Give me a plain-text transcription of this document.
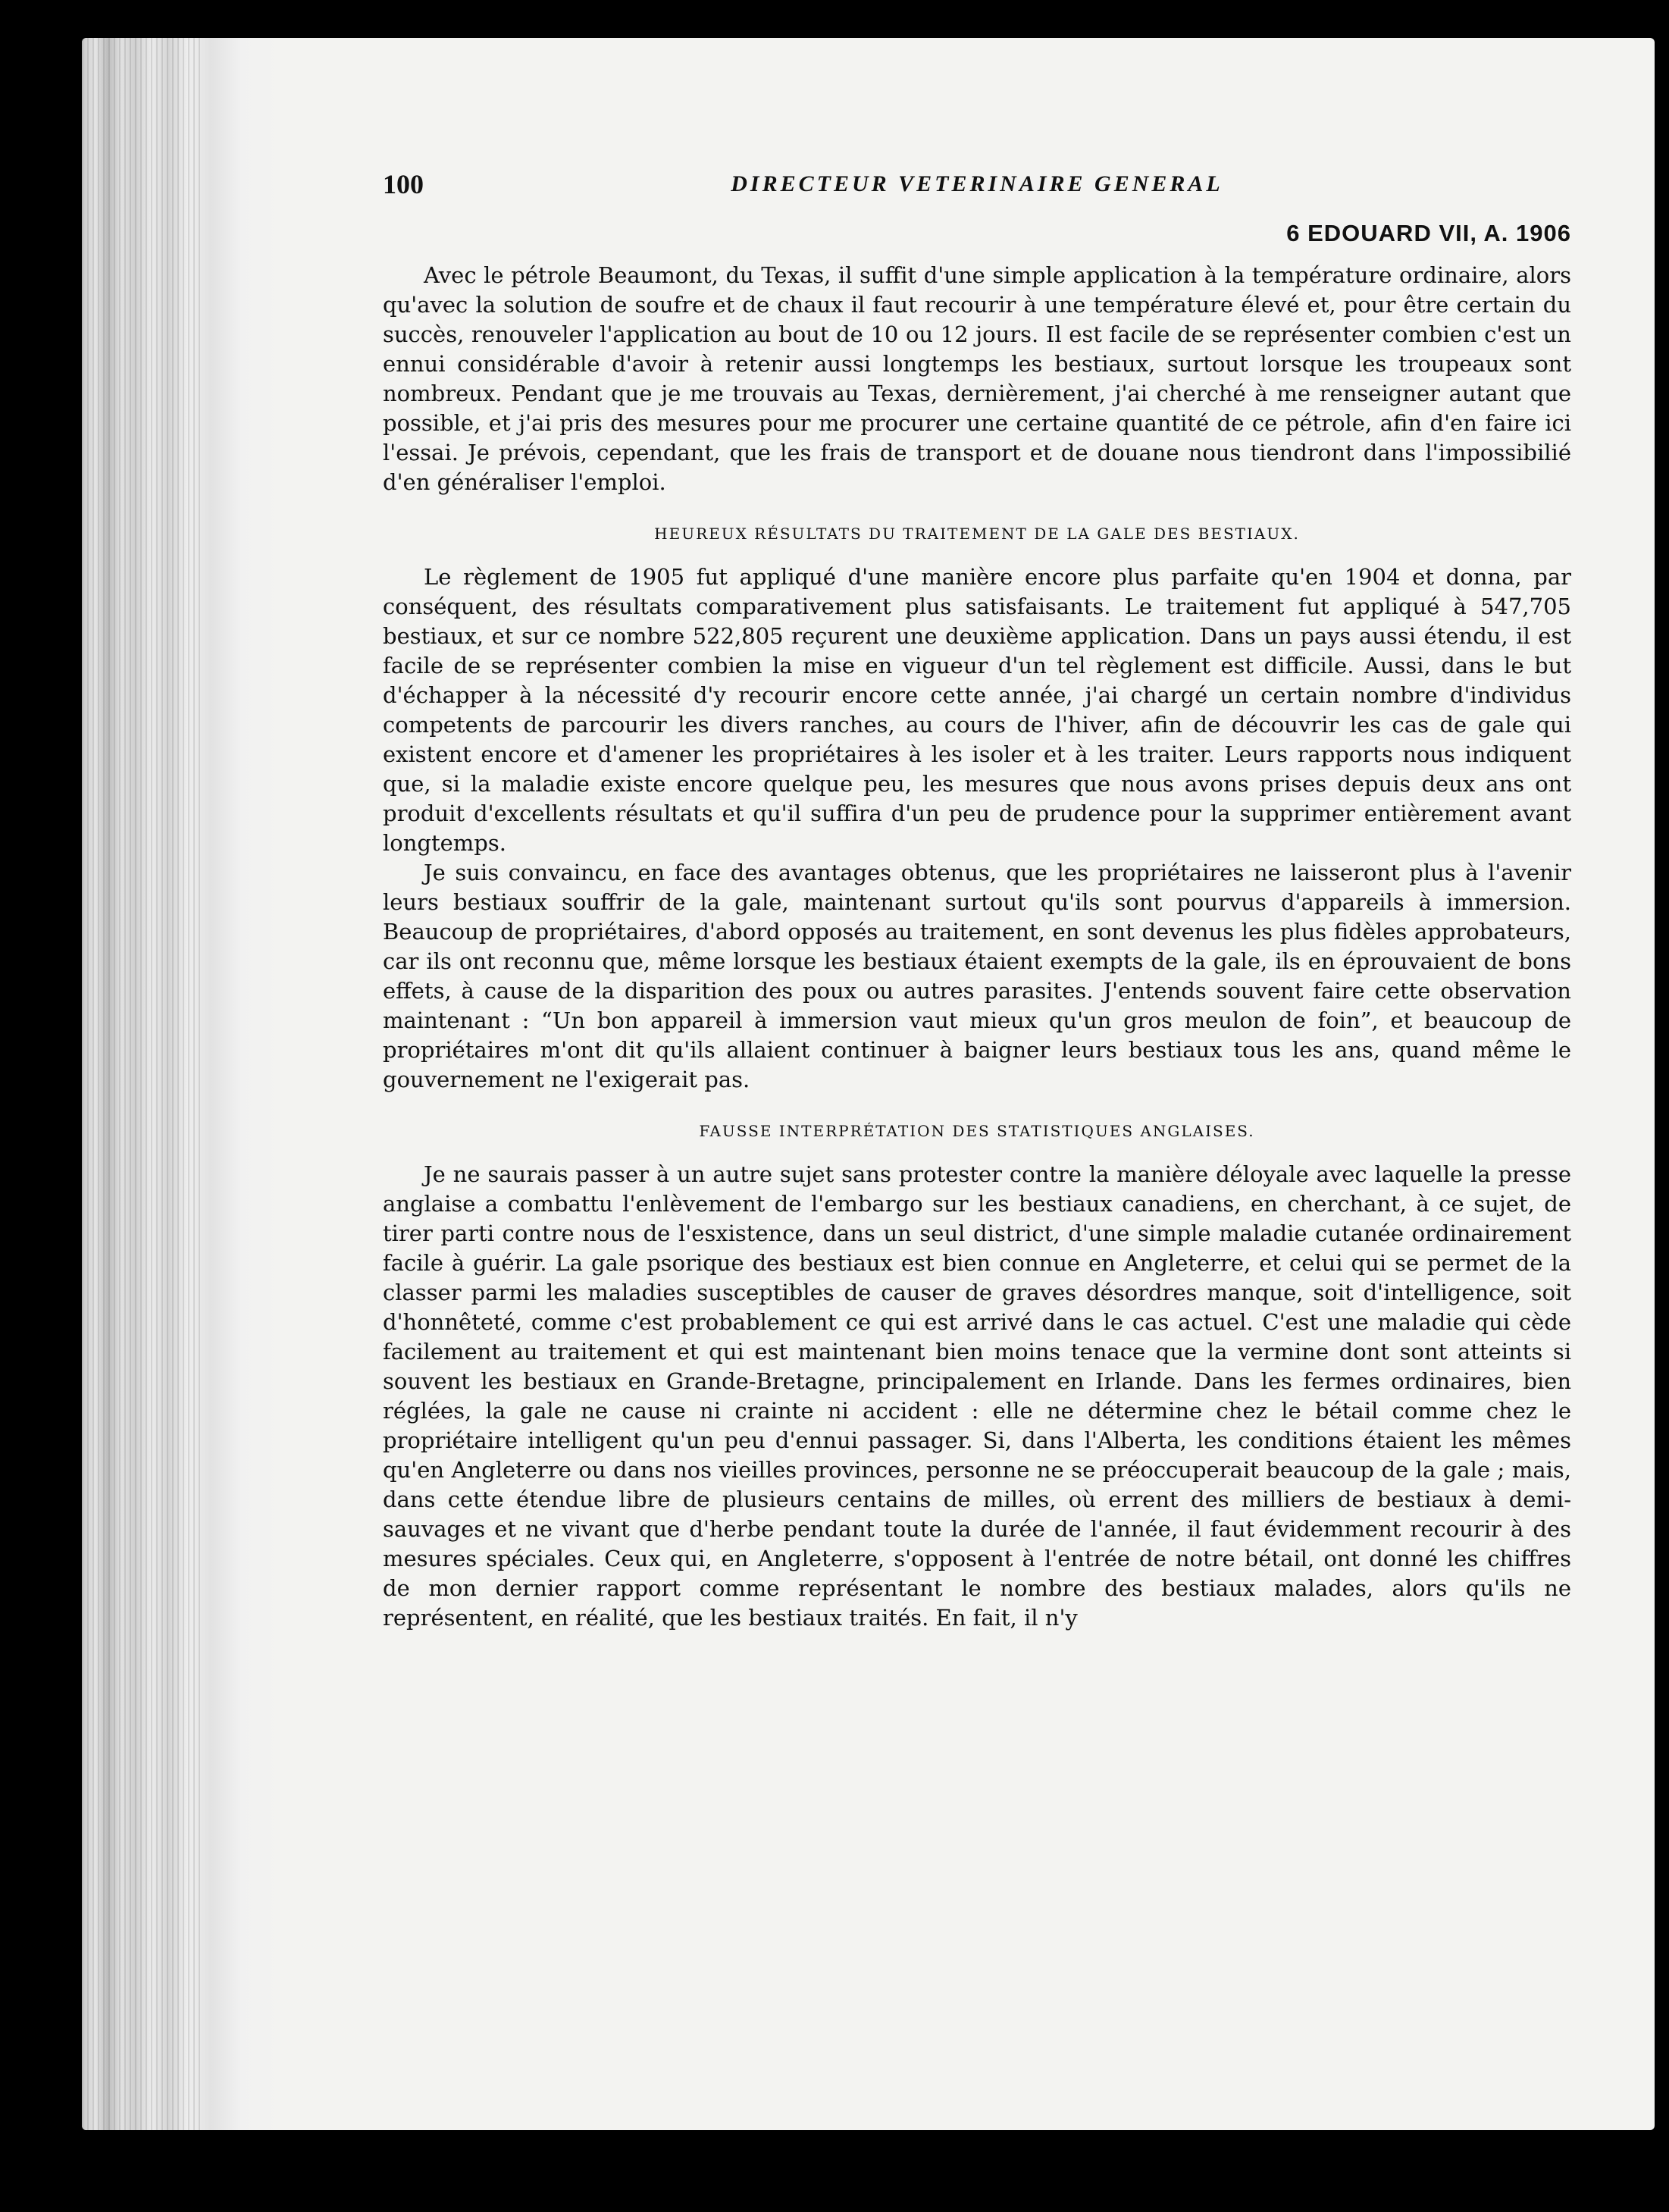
100	DIRECTEUR VETERINAIRE GENERAL
6 EDOUARD VII, A. 1906

Avec le pétrole Beaumont, du Texas, il suffit d'une simple application à la température ordinaire, alors qu'avec la solution de soufre et de chaux il faut recourir à une température élevé et, pour être certain du succès, renouveler l'application au bout de 10 ou 12 jours. Il est facile de se représenter combien c'est un ennui considérable d'avoir à retenir aussi longtemps les bestiaux, surtout lorsque les troupeaux sont nombreux. Pendant que je me trouvais au Texas, dernièrement, j'ai cherché à me renseigner autant que possible, et j'ai pris des mesures pour me procurer une certaine quantité de ce pétrole, afin d'en faire ici l'essai. Je prévois, cependant, que les frais de transport et de douane nous tiendront dans l'impossibilié d'en généraliser l'emploi.

HEUREUX RÉSULTATS DU TRAITEMENT DE LA GALE DES BESTIAUX.

Le règlement de 1905 fut appliqué d'une manière encore plus parfaite qu'en 1904 et donna, par conséquent, des résultats comparativement plus satisfaisants. Le traitement fut appliqué à 547,705 bestiaux, et sur ce nombre 522,805 reçurent une deuxième application. Dans un pays aussi étendu, il est facile de se représenter combien la mise en vigueur d'un tel règlement est difficile. Aussi, dans le but d'échapper à la nécessité d'y recourir encore cette année, j'ai chargé un certain nombre d'individus competents de parcourir les divers ranches, au cours de l'hiver, afin de découvrir les cas de gale qui existent encore et d'amener les propriétaires à les isoler et à les traiter. Leurs rapports nous indiquent que, si la maladie existe encore quelque peu, les mesures que nous avons prises depuis deux ans ont produit d'excellents résultats et qu'il suffira d'un peu de prudence pour la supprimer entièrement avant longtemps.

Je suis convaincu, en face des avantages obtenus, que les propriétaires ne laisseront plus à l'avenir leurs bestiaux souffrir de la gale, maintenant surtout qu'ils sont pourvus d'appareils à immersion. Beaucoup de propriétaires, d'abord opposés au traitement, en sont devenus les plus fidèles approbateurs, car ils ont reconnu que, même lorsque les bestiaux étaient exempts de la gale, ils en éprouvaient de bons effets, à cause de la disparition des poux ou autres parasites. J'entends souvent faire cette observation maintenant : “Un bon appareil à immersion vaut mieux qu'un gros meulon de foin”, et beaucoup de propriétaires m'ont dit qu'ils allaient continuer à baigner leurs bestiaux tous les ans, quand même le gouvernement ne l'exigerait pas.

FAUSSE INTERPRÉTATION DES STATISTIQUES ANGLAISES.

Je ne saurais passer à un autre sujet sans protester contre la manière déloyale avec laquelle la presse anglaise a combattu l'enlèvement de l'embargo sur les bestiaux canadiens, en cherchant, à ce sujet, de tirer parti contre nous de l'esxistence, dans un seul district, d'une simple maladie cutanée ordinairement facile à guérir. La gale psorique des bestiaux est bien connue en Angleterre, et celui qui se permet de la classer parmi les maladies susceptibles de causer de graves désordres manque, soit d'intelligence, soit d'honnêteté, comme c'est probablement ce qui est arrivé dans le cas actuel. C'est une maladie qui cède facilement au traitement et qui est maintenant bien moins tenace que la vermine dont sont atteints si souvent les bestiaux en Grande-Bretagne, principalement en Irlande. Dans les fermes ordinaires, bien réglées, la gale ne cause ni crainte ni accident : elle ne détermine chez le bétail comme chez le propriétaire intelligent qu'un peu d'ennui passager. Si, dans l'Alberta, les conditions étaient les mêmes qu'en Angleterre ou dans nos vieilles provinces, personne ne se préoccuperait beaucoup de la gale ; mais, dans cette étendue libre de plusieurs centains de milles, où errent des milliers de bestiaux à demi-sauvages et ne vivant que d'herbe pendant toute la durée de l'année, il faut évidemment recourir à des mesures spéciales. Ceux qui, en Angleterre, s'opposent à l'entrée de notre bétail, ont donné les chiffres de mon dernier rapport comme représentant le nombre des bestiaux malades, alors qu'ils ne représentent, en réalité, que les bestiaux traités. En fait, il n'y
